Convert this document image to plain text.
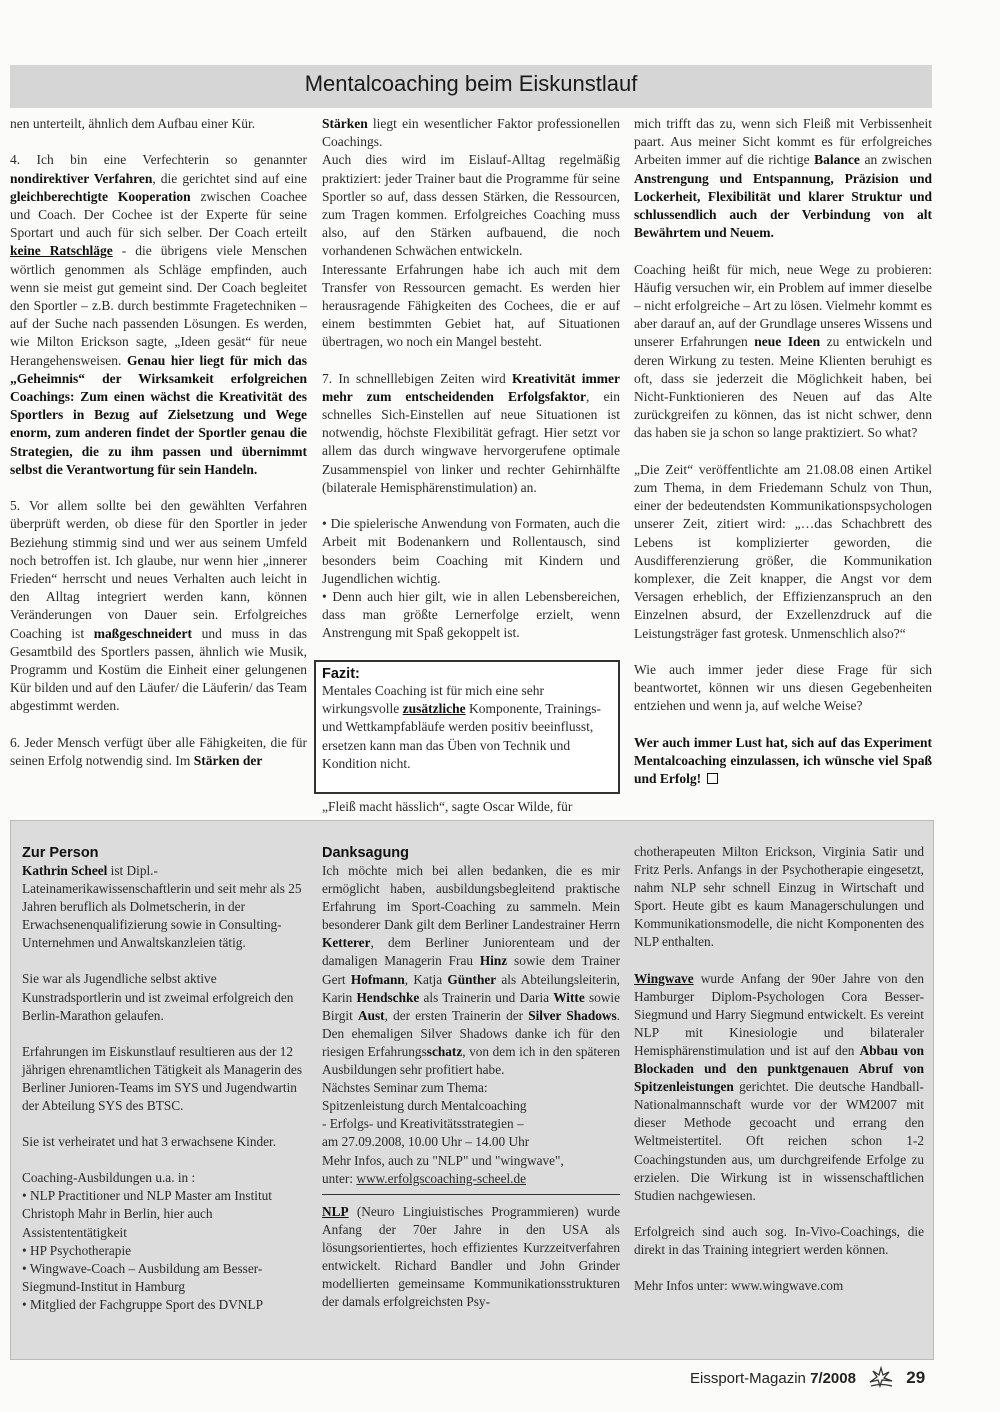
Mentalcoaching beim Eiskunstlauf

nen unterteilt, ähnlich dem Aufbau einer Kür.

4. Ich bin eine Verfechterin so genannter nondirektiver Verfahren, die gerichtet sind auf eine gleichberechtigte Kooperation zwischen Coachee und Coach. Der Cochee ist der Experte für seine Sportart und auch für sich selber. Der Coach erteilt keine Ratschläge - die übrigens viele Menschen wörtlich genommen als Schläge empfinden, auch wenn sie meist gut gemeint sind. Der Coach begleitet den Sportler – z.B. durch bestimmte Fragetechniken – auf der Suche nach passenden Lösungen. Es werden, wie Milton Erickson sagte, „Ideen gesät“ für neue Herangehensweisen. Genau hier liegt für mich das „Geheimnis“ der Wirksamkeit erfolgreichen Coachings: Zum einen wächst die Kreativität des Sportlers in Bezug auf Zielsetzung und Wege enorm, zum anderen findet der Sportler genau die Strategien, die zu ihm passen und übernimmt selbst die Verantwortung für sein Handeln.

5. Vor allem sollte bei den gewählten Verfahren überprüft werden, ob diese für den Sportler in jeder Beziehung stimmig sind und wer aus seinem Umfeld noch betroffen ist. Ich glaube, nur wenn hier „innerer Frieden“ herrscht und neues Verhalten auch leicht in den Alltag integriert werden kann, können Veränderungen von Dauer sein. Erfolgreiches Coaching ist maßgeschneidert und muss in das Gesamtbild des Sportlers passen, ähnlich wie Musik, Programm und Kostüm die Einheit einer gelungenen Kür bilden und auf den Läufer/ die Läuferin/ das Team abgestimmt werden.

6. Jeder Mensch verfügt über alle Fähigkeiten, die für seinen Erfolg notwendig sind. Im Stärken der

Stärken liegt ein wesentlicher Faktor professionellen Coachings.

Auch dies wird im Eislauf-Alltag regelmäßig praktiziert: jeder Trainer baut die Programme für seine Sportler so auf, dass dessen Stärken, die Ressourcen, zum Tragen kommen. Erfolgreiches Coaching muss also, auf den Stärken aufbauend, die noch vorhandenen Schwächen entwickeln.

Interessante Erfahrungen habe ich auch mit dem Transfer von Ressourcen gemacht. Es werden hier herausragende Fähigkeiten des Cochees, die er auf einem bestimmten Gebiet hat, auf Situationen übertragen, wo noch ein Mangel besteht.

7. In schnelllebigen Zeiten wird Kreativität immer mehr zum entscheidenden Erfolgsfaktor, ein schnelles Sich-Einstellen auf neue Situationen ist notwendig, höchste Flexibilität gefragt. Hier setzt vor allem das durch wingwave hervorgerufene optimale Zusammenspiel von linker und rechter Gehirnhälfte (bilaterale Hemisphärenstimulation) an.

• Die spielerische Anwendung von Formaten, auch die Arbeit mit Bodenankern und Rollentausch, sind besonders beim Coaching mit Kindern und Jugendlichen wichtig.

• Denn auch hier gilt, wie in allen Lebensbereichen, dass man größte Lernerfolge erzielt, wenn Anstrengung mit Spaß gekoppelt ist.

Fazit:
Mentales Coaching ist für mich eine sehr wirkungsvolle zusätzliche Komponente, Trainings- und Wettkampfabläufe werden positiv beeinflusst, ersetzen kann man das Üben von Technik und Kondition nicht.
„Fleiß macht hässlich“, sagte Oscar Wilde, für

mich trifft das zu, wenn sich Fleiß mit Verbissenheit paart. Aus meiner Sicht kommt es für erfolgreiches Arbeiten immer auf die richtige Balance an zwischen Anstrengung und Entspannung, Präzision und Lockerheit, Flexibilität und klarer Struktur und schlussendlich auch der Verbindung von alt Bewährtem und Neuem.

Coaching heißt für mich, neue Wege zu probieren: Häufig versuchen wir, ein Problem auf immer dieselbe – nicht erfolgreiche – Art zu lösen. Vielmehr kommt es aber darauf an, auf der Grundlage unseres Wissens und unserer Erfahrungen neue Ideen zu entwickeln und deren Wirkung zu testen. Meine Klienten beruhigt es oft, dass sie jederzeit die Möglichkeit haben, bei Nicht-Funktionieren des Neuen auf das Alte zurückgreifen zu können, das ist nicht schwer, denn das haben sie ja schon so lange praktiziert. So what?

„Die Zeit“ veröffentlichte am 21.08.08 einen Artikel zum Thema, in dem Friedemann Schulz von Thun, einer der bedeutendsten Kommunikationspsychologen unserer Zeit, zitiert wird: „…das Schachbrett des Lebens ist komplizierter geworden, die Ausdifferenzierung größer, die Kommunikation komplexer, die Zeit knapper, die Angst vor dem Versagen erheblich, der Effizienzanspruch an den Einzelnen absurd, der Exzellenzdruck auf die Leistungsträger fast grotesk. Unmenschlich also?“

Wie auch immer jeder diese Frage für sich beantwortet, können wir uns diesen Gegebenheiten entziehen und wenn ja, auf welche Weise?

Wer auch immer Lust hat, sich auf das Experiment Mentalcoaching einzulassen, ich wünsche viel Spaß und Erfolg!

Zur Person

Kathrin Scheel ist Dipl.-Lateinamerikawissenschaftlerin und seit mehr als 25 Jahren beruflich als Dolmetscherin, in der Erwachsenenqualifizierung sowie in Consulting-Unternehmen und Anwaltskanzleien tätig.

Sie war als Jugendliche selbst aktive Kunstradsportlerin und ist zweimal erfolgreich den Berlin-Marathon gelaufen.

Erfahrungen im Eiskunstlauf resultieren aus der 12 jährigen ehrenamtlichen Tätigkeit als Managerin des Berliner Junioren-Teams im SYS und Jugendwartin der Abteilung SYS des BTSC.

Sie ist verheiratet und hat 3 erwachsene Kinder.

Coaching-Ausbildungen u.a. in :

• NLP Practitioner und NLP Master am Institut Christoph Mahr in Berlin, hier auch Assistententätigkeit
• HP Psychotherapie
• Wingwave-Coach – Ausbildung am Besser-Siegmund-Institut in Hamburg
• Mitglied der Fachgruppe Sport des DVNLP
Danksagung
Ich möchte mich bei allen bedanken, die es mir ermöglicht haben, ausbildungsbegleitend praktische Erfahrung im Sport-Coaching zu sammeln. Mein besonderer Dank gilt dem Berliner Landestrainer Herrn Ketterer, dem Berliner Juniorenteam und der damaligen Managerin Frau Hinz sowie dem Trainer Gert Hofmann, Katja Günther als Abteilungsleiterin, Karin Hendschke als Trainerin und Daria Witte sowie Birgit Aust, der ersten Trainerin der Silver Shadows. Den ehemaligen Silver Shadows danke ich für den riesigen Erfahrungsschatz, von dem ich in den späteren Ausbildungen sehr profitiert habe.
Nächstes Seminar zum Thema:
Spitzenleistung durch Mentalcoaching
- Erfolgs- und Kreativitätsstrategien –
am 27.09.2008, 10.00 Uhr – 14.00 Uhr
Mehr Infos, auch zu "NLP" und "wingwave",
unter: www.erfolgscoaching-scheel.de
NLP (Neuro Lingiuistisches Programmieren) wurde Anfang der 70er Jahre in den USA als lösungsorientiertes, hoch effizientes Kurzzeitverfahren entwickelt. Richard Bandler und John Grinder modellierten gemeinsame Kommunikationsstrukturen der damals erfolgreichsten Psy-

chotherapeuten Milton Erickson, Virginia Satir und Fritz Perls. Anfangs in der Psychotherapie eingesetzt, nahm NLP sehr schnell Einzug in Wirtschaft und Sport. Heute gibt es kaum Managerschulungen und Kommunikationsmodelle, die nicht Komponenten des NLP enthalten.

Wingwave wurde Anfang der 90er Jahre von den Hamburger Diplom-Psychologen Cora Besser-Siegmund und Harry Siegmund entwickelt. Es vereint NLP mit Kinesiologie und bilateraler Hemisphärenstimulation und ist auf den Abbau von Blockaden und den punktgenauen Abruf von Spitzenleistungen gerichtet. Die deutsche Handball-Nationalmannschaft wurde vor der WM2007 mit dieser Methode gecoacht und errang den Weltmeistertitel. Oft reichen schon 1-2 Coachingstunden aus, um durchgreifende Erfolge zu erzielen. Die Wirkung ist in wissenschaftlichen Studien nachgewiesen.

Erfolgreich sind auch sog. In-Vivo-Coachings, die direkt in das Training integriert werden können.

Mehr Infos unter: www.wingwave.com

Eissport-Magazin 7/2008	29
